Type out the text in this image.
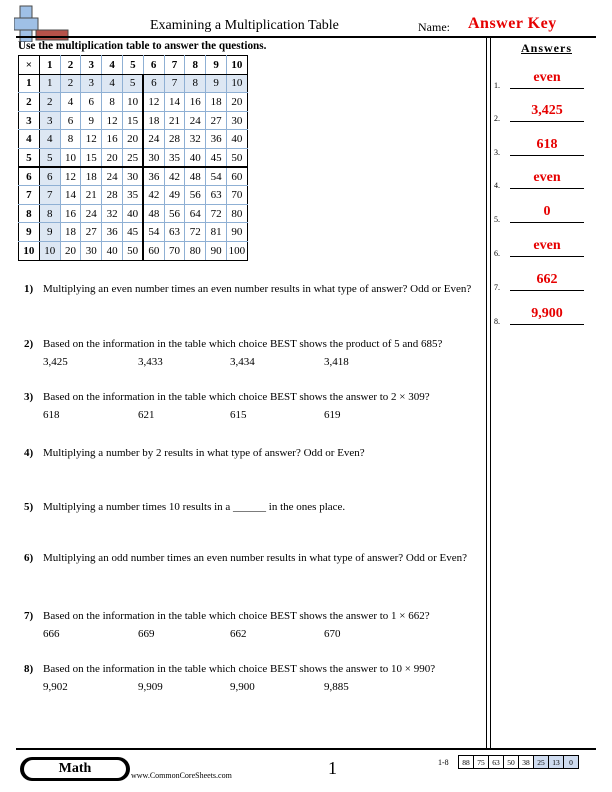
Examining a Multiplication Table	Name: Answer Key
Use the multiplication table to answer the questions.
×	1	2	3	4	5	6	7	8	9	10
1	1	2	3	4	5	6	7	8	9	10
2	2	4	6	8	10	12	14	16	18	20
3	3	6	9	12	15	18	21	24	27	30
4	4	8	12	16	20	24	28	32	36	40
5	5	10	15	20	25	30	35	40	45	50
6	6	12	18	24	30	36	42	48	54	60
7	7	14	21	28	35	42	49	56	63	70
8	8	16	24	32	40	48	56	64	72	80
9	9	18	27	36	45	54	63	72	81	90
10	10	20	30	40	50	60	70	80	90	100
Answers
1.
even
2.
3,425
3.
618
4.
even
5.
0
6.
even
7.
662
8.
9,900
1) Multiplying an even number times an even number results in what type of answer? Odd or Even?
2) Based on the information in the table which choice BEST shows the product of 5 and 685?
3,425	3,433	3,434	3,418
3) Based on the information in the table which choice BEST shows the answer to 2 × 309?
618	621	615	619
4) Multiplying a number by 2 results in what type of answer? Odd or Even?
5) Multiplying a number times 10 results in a ______ in the ones place.
6) Multiplying an odd number times an even number results in what type of answer? Odd or Even?
7) Based on the information in the table which choice BEST shows the answer to 1 × 662?
666	669	662	670
8) Based on the information in the table which choice BEST shows the answer to 10 × 990?
9,902	9,909	9,900	9,885
Math	www.CommonCoreSheets.com	1	1-8 88	75	63	50	38	25	13	0
